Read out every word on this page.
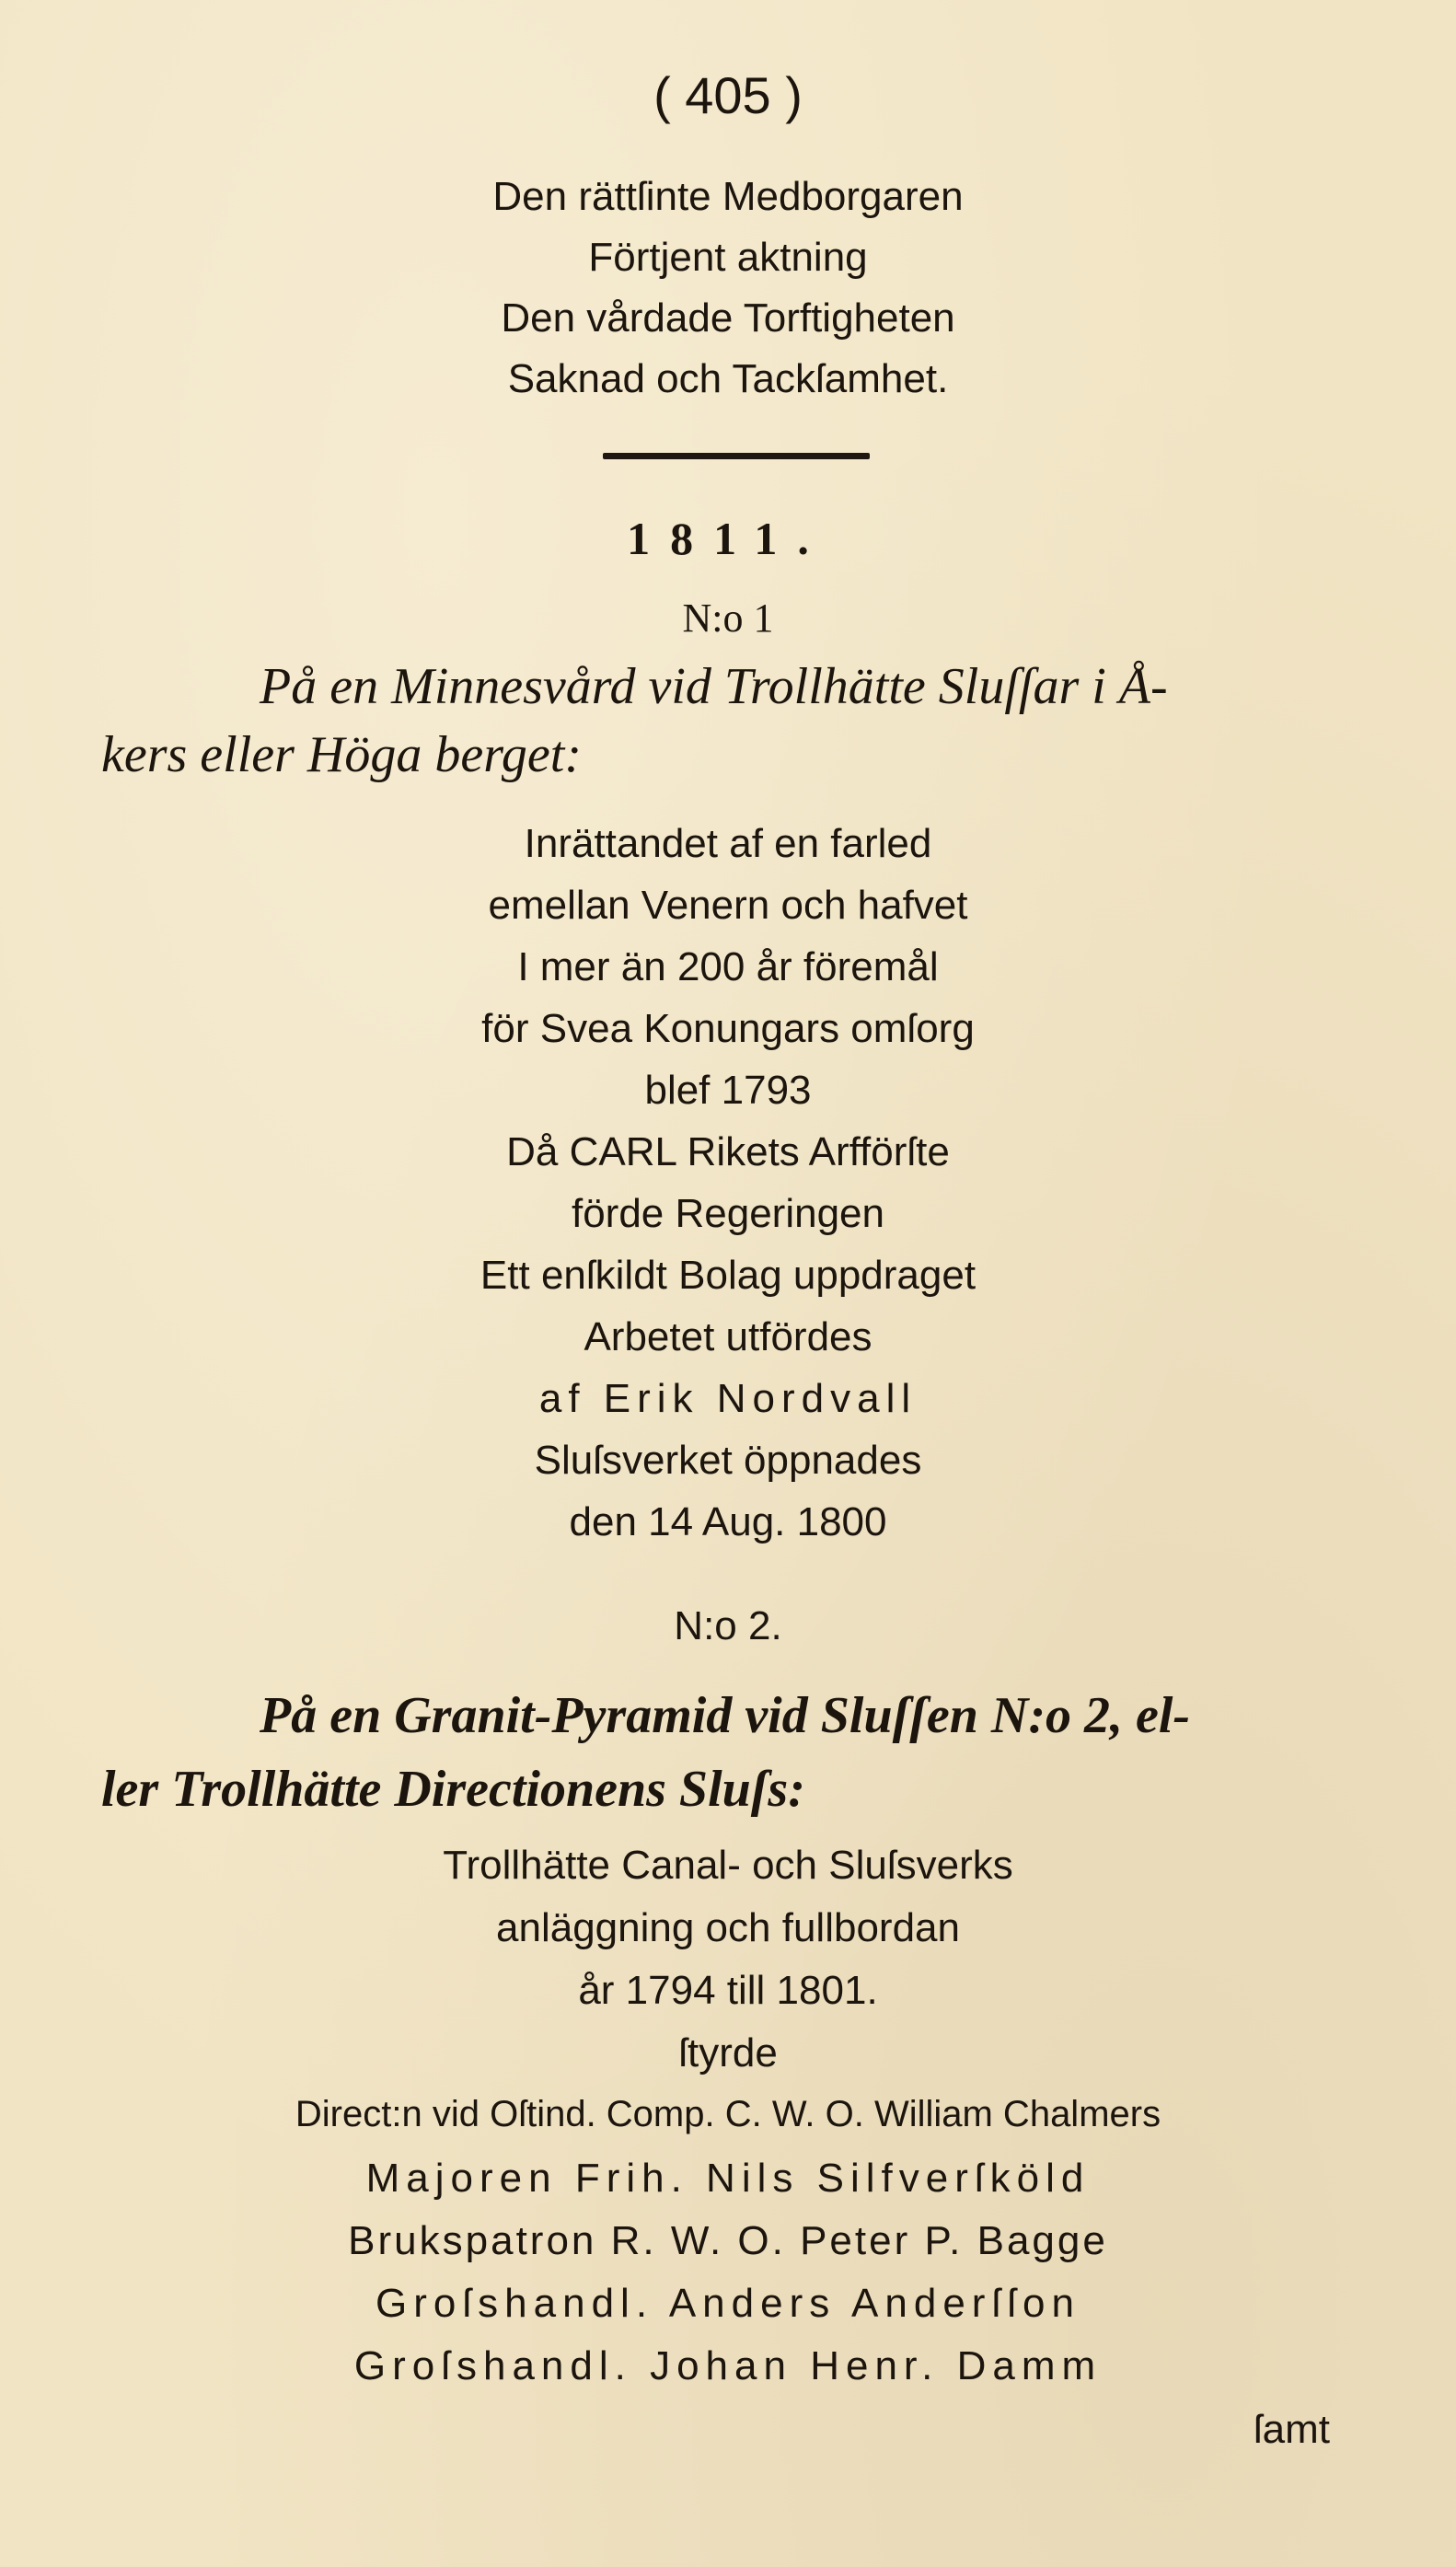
( 405 )
Den rättſinte Medborgaren
Förtjent aktning
Den vårdade Torftigheten
Saknad och Tackſamhet.
1811.
N:o 1
På en Minnesvård vid Trollhätte Sluſſar i Å-
kers eller Höga berget:
Inrättandet af en farled
emellan Venern och hafvet
I mer än 200 år föremål
för Svea Konungars omſorg
blef 1793
Då CARL Rikets Arfförſte
förde Regeringen
Ett enſkildt Bolag uppdraget
Arbetet utfördes
af Erik Nordvall
Sluſsverket öppnades
den 14 Aug. 1800
N:o 2.
På en Granit-Pyramid vid Sluſſen N:o 2, el-
ler Trollhätte Directionens Sluſs:
Trollhätte Canal- och Sluſsverks
anläggning och fullbordan
år 1794 till 1801.
ſtyrde
Direct:n vid Oſtind. Comp. C. W. O. William Chalmers
Majoren Frih. Nils Silfverſköld
Brukspatron R. W. O. Peter P. Bagge
Groſshandl. Anders Anderſſon
Groſshandl. Johan Henr. Damm
ſamt
